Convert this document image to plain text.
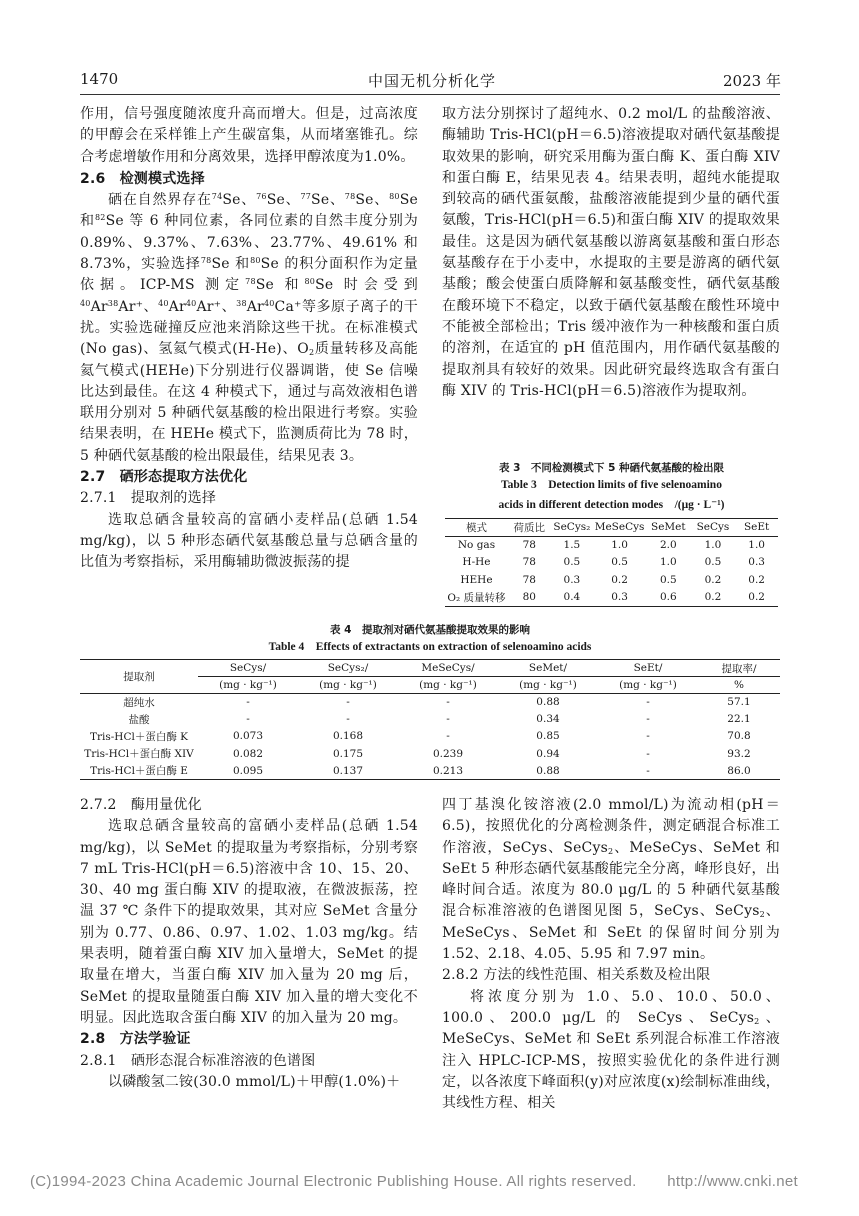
1470	中国无机分析化学	2023 年

作用，信号强度随浓度升高而增大。但是，过高浓度的甲醇会在采样锥上产生碳富集，从而堵塞锥孔。综合考虑增敏作用和分离效果，选择甲醇浓度为1.0%。

2.6　检测模式选择

硒在自然界存在$^{74}$Se、$^{76}$Se、$^{77}$Se、$^{78}$Se、$^{80}$Se 和$^{82}$Se 等 6 种同位素，各同位素的自然丰度分别为 0.89%、9.37%、7.63%、23.77%、49.61% 和 8.73%，实验选择$^{78}$Se 和$^{80}$Se 的积分面积作为定量依据。ICP-MS 测定$^{78}$Se 和$^{80}$Se 时会受到$^{40}$Ar$^{38}$Ar⁺、$^{40}$Ar$^{40}$Ar⁺、$^{38}$Ar$^{40}$Ca⁺等多原子离子的干扰。实验选碰撞反应池来消除这些干扰。在标准模式(No gas)、氢氦气模式(H-He)、$O_2$质量转移及高能氦气模式(HEHe)下分别进行仪器调谐，使 Se 信噪比达到最佳。在这 4 种模式下，通过与高效液相色谱联用分别对 5 种硒代氨基酸的检出限进行考察。实验结果表明，在 HEHe 模式下，监测质荷比为 78 时，5 种硒代氨基酸的检出限最佳，结果见表 3。

2.7　硒形态提取方法优化

2.7.1　提取剂的选择

选取总硒含量较高的富硒小麦样品(总硒 1.54 mg/kg)，以 5 种形态硒代氨基酸总量与总硒含量的比值为考察指标，采用酶辅助微波振荡的提

取方法分别探讨了超纯水、0.2 mol/L 的盐酸溶液、酶辅助 Tris-HCl(pH＝6.5)溶液提取对硒代氨基酸提取效果的影响，研究采用酶为蛋白酶 K、蛋白酶 XIV 和蛋白酶 E，结果见表 4。结果表明，超纯水能提取到较高的硒代蛋氨酸，盐酸溶液能提到少量的硒代蛋氨酸，Tris-HCl(pH＝6.5)和蛋白酶 XIV 的提取效果最佳。这是因为硒代氨基酸以游离氨基酸和蛋白形态氨基酸存在于小麦中，水提取的主要是游离的硒代氨基酸；酸会使蛋白质降解和氨基酸变性，硒代氨基酸在酸环境下不稳定，以致于硒代氨基酸在酸性环境中不能被全部检出；Tris 缓冲液作为一种核酸和蛋白质的溶剂，在适宜的 pH 值范围内，用作硒代氨基酸的提取剂具有较好的效果。因此研究最终选取含有蛋白酶 XIV 的 Tris-HCl(pH＝6.5)溶液作为提取剂。

表 3　不同检测模式下 5 种硒代氨基酸的检出限
Table 3　Detection limits of five selenoamino
acids in different detection modes　 /(μg · L⁻¹)
模式	荷质比	SeCys₂	MeSeCys	SeMet	SeCys	SeEt
No gas	78	1.5	1.0	2.0	1.0	1.0
H-He	78	0.5	0.5	1.0	0.5	0.3
HEHe	78	0.3	0.2	0.5	0.2	0.2
O₂ 质量转移	80	0.4	0.3	0.6	0.2	0.2
表 4　提取剂对硒代氨基酸提取效果的影响
Table 4　Effects of extractants on extraction of selenoamino acids
提取剂	SeCys/	SeCys₂/	MeSeCys/	SeMet/	SeEt/	提取率/
	(mg · kg⁻¹)	(mg · kg⁻¹)	(mg · kg⁻¹)	(mg · kg⁻¹)	(mg · kg⁻¹)	%
超纯水	-	-	-	0.88	-	57.1
盐酸	-	-	-	0.34	-	22.1
Tris-HCl＋蛋白酶 K	0.073	0.168	-	0.85	-	70.8
Tris-HCl＋蛋白酶 XIV	0.082	0.175	0.239	0.94	-	93.2
Tris-HCl＋蛋白酶 E	0.095	0.137	0.213	0.88	-	86.0

2.7.2　酶用量优化

选取总硒含量较高的富硒小麦样品(总硒 1.54 mg/kg)，以 SeMet 的提取量为考察指标，分别考察 7 mL Tris-HCl(pH＝6.5)溶液中含 10、15、20、30、40 mg 蛋白酶 XIV 的提取液，在微波振荡，控温 37 ℃ 条件下的提取效果，其对应 SeMet 含量分别为 0.77、0.86、0.97、1.02、1.03 mg/kg。结果表明，随着蛋白酶 XIV 加入量增大，SeMet 的提取量在增大，当蛋白酶 XIV 加入量为 20 mg 后，SeMet 的提取量随蛋白酶 XIV 加入量的增大变化不明显。因此选取含蛋白酶 XIV 的加入量为 20 mg。

2.8　方法学验证

2.8.1　硒形态混合标准溶液的色谱图

以磷酸氢二铵(30.0 mmol/L)＋甲醇(1.0%)＋

四丁基溴化铵溶液(2.0 mmol/L)为流动相(pH＝6.5)，按照优化的分离检测条件，测定硒混合标准工作溶液，SeCys、SeCys$_2$、MeSeCys、SeMet 和 SeEt 5 种形态硒代氨基酸能完全分离，峰形良好，出峰时间合适。浓度为 80.0 μg/L 的 5 种硒代氨基酸混合标准溶液的色谱图见图 5，SeCys、SeCys$_2$、MeSeCys、SeMet 和 SeEt 的保留时间分别为 1.52、2.18、4.05、5.95 和 7.97 min。

2.8.2 方法的线性范围、相关系数及检出限

将浓度分别为 1.0、5.0、10.0、50.0、100.0、200.0 μg/L 的 SeCys、SeCys$_2$、MeSeCys、SeMet 和 SeEt 系列混合标准工作溶液注入 HPLC-ICP-MS，按照实验优化的条件进行测定，以各浓度下峰面积(y)对应浓度(x)绘制标准曲线，其线性方程、相关

(C)1994-2023 China Academic Journal Electronic Publishing House. All rights reserved.　　http://www.cnki.net
